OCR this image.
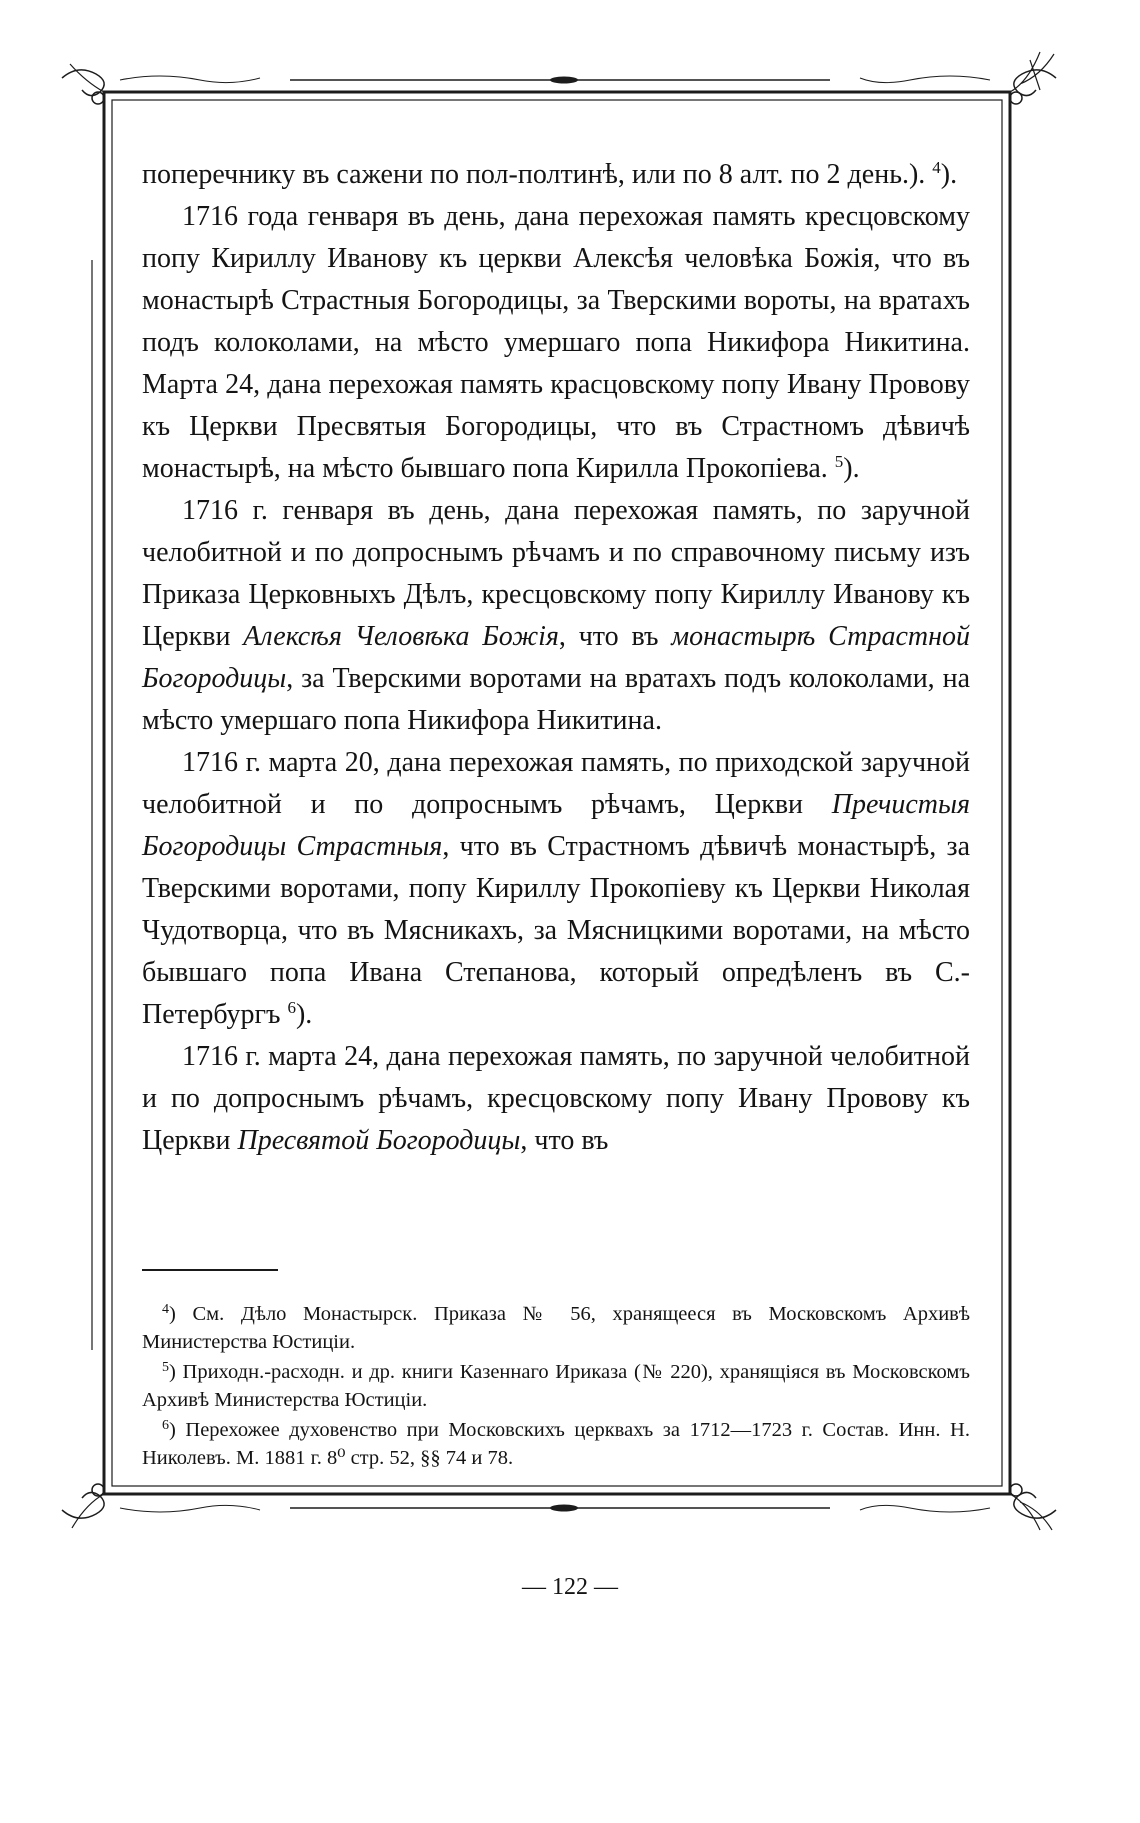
поперечнику въ сажени по пол-полтинѣ, или по 8 алт. по 2 день.). $^4$).

1716 года генваря въ день, дана перехожая память кресцовскому попу Кириллу Иванову къ церкви Алексѣя человѣка Божія, что въ монастырѣ Страстныя Богородицы, за Тверскими вороты, на вратахъ подъ колоколами, на мѣсто умершаго попа Никифора Никитина. Марта 24, дана перехожая память красцовскому попу Ивану Провову къ Церкви Пресвятыя Богородицы, что въ Страстномъ дѣвичѣ монастырѣ, на мѣсто бывшаго попа Кирилла Прокопіева. $^5$).

1716 г. генваря въ день, дана перехожая память, по заручной челобитной и по допроснымъ рѣчамъ и по справочному письму изъ Приказа Церковныхъ Дѣлъ, кресцовскому попу Кириллу Иванову къ Церкви Алексѣя Человѣка Божія, что въ монастырѣ Страстной Богородицы, за Тверскими воротами на вратахъ подъ колоколами, на мѣсто умершаго попа Никифора Никитина.

1716 г. марта 20, дана перехожая память, по приходской заручной челобитной и по допроснымъ рѣчамъ, Церкви Пречистыя Богородицы Страстныя, что въ Страстномъ дѣвичѣ монастырѣ, за Тверскими воротами, попу Кириллу Прокопіеву къ Церкви Николая Чудотворца, что въ Мясникахъ, за Мясницкими воротами, на мѣсто бывшаго попа Ивана Степанова, который опредѣленъ въ С.-Петербургъ $^6$).

1716 г. марта 24, дана перехожая память, по заручной челобитной и по допроснымъ рѣчамъ, кресцовскому попу Ивану Провову къ Церкви Пресвятой Богородицы, что въ

$^4$) См. Дѣло Монастырск. Приказа № 56, хранящееся въ Московскомъ Архивѣ Министерства Юстиціи.

$^5$) Приходн.-расходн. и др. книги Казеннаго Ириказа (№ 220), хранящіяся въ Московскомъ Архивѣ Министерства Юстиціи.

$^6$) Перехожее духовенство при Московскихъ церквахъ за 1712—1723 г. Состав. Инн. Н. Николевъ. М. 1881 г. 8⁰ стр. 52, §§ 74 и 78.

— 122 —
